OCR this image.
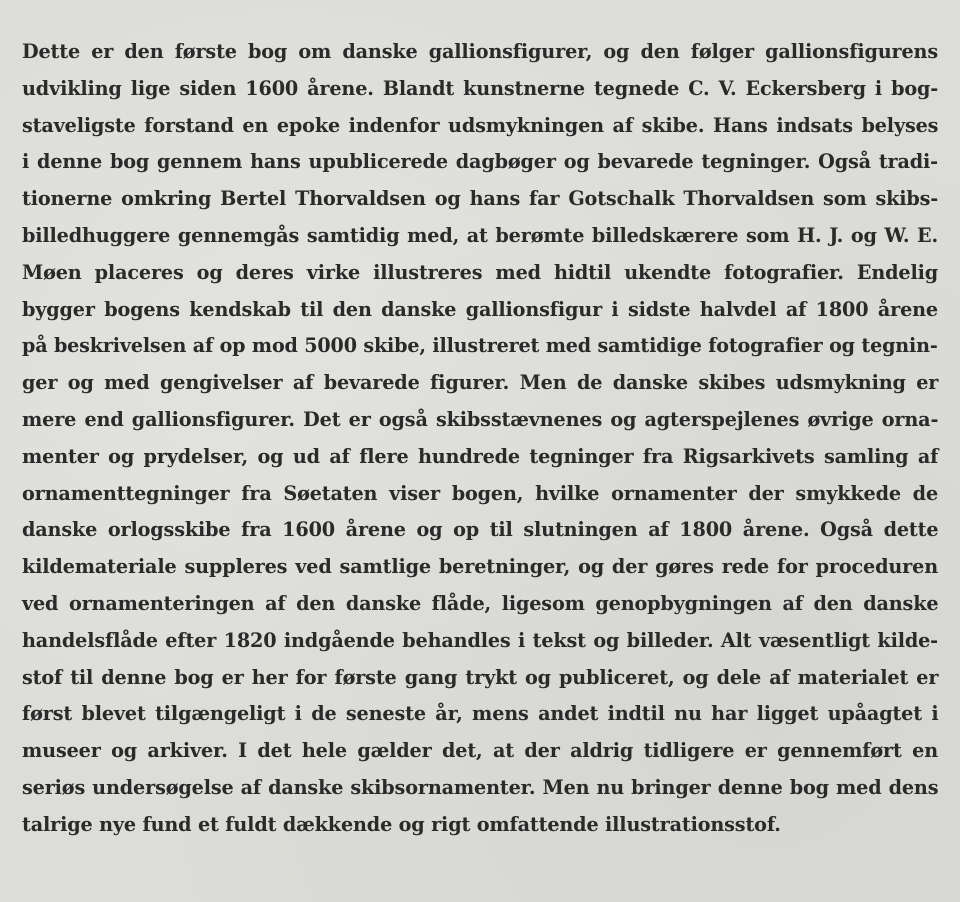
Dette er den første bog om danske gallionsfigurer, og den følger gallionsfigurens
udvikling lige siden 1600 årene. Blandt kunstnerne tegnede C. V. Eckersberg i bog-
staveligste forstand en epoke indenfor udsmykningen af skibe. Hans indsats belyses
i denne bog gennem hans upublicerede dagbøger og bevarede tegninger. Også tradi-
tionerne omkring Bertel Thorvaldsen og hans far Gotschalk Thorvaldsen som skibs-
billedhuggere gennemgås samtidig med, at berømte billedskærere som H. J. og W. E.
Møen placeres og deres virke illustreres med hidtil ukendte fotografier. Endelig
bygger bogens kendskab til den danske gallionsfigur i sidste halvdel af 1800 årene
på beskrivelsen af op mod 5000 skibe, illustreret med samtidige fotografier og tegnin-
ger og med gengivelser af bevarede figurer. Men de danske skibes udsmykning er
mere end gallionsfigurer. Det er også skibsstævnenes og agterspejlenes øvrige orna-
menter og prydelser, og ud af flere hundrede tegninger fra Rigsarkivets samling af
ornamenttegninger fra Søetaten viser bogen, hvilke ornamenter der smykkede de
danske orlogsskibe fra 1600 årene og op til slutningen af 1800 årene. Også dette
kildemateriale suppleres ved samtlige beretninger, og der gøres rede for proceduren
ved ornamenteringen af den danske flåde, ligesom genopbygningen af den danske
handelsflåde efter 1820 indgående behandles i tekst og billeder. Alt væsentligt kilde-
stof til denne bog er her for første gang trykt og publiceret, og dele af materialet er
først blevet tilgængeligt i de seneste år, mens andet indtil nu har ligget upåagtet i
museer og arkiver. I det hele gælder det, at der aldrig tidligere er gennemført en
seriøs undersøgelse af danske skibsornamenter. Men nu bringer denne bog med dens
talrige nye fund et fuldt dækkende og rigt omfattende illustrationsstof.
